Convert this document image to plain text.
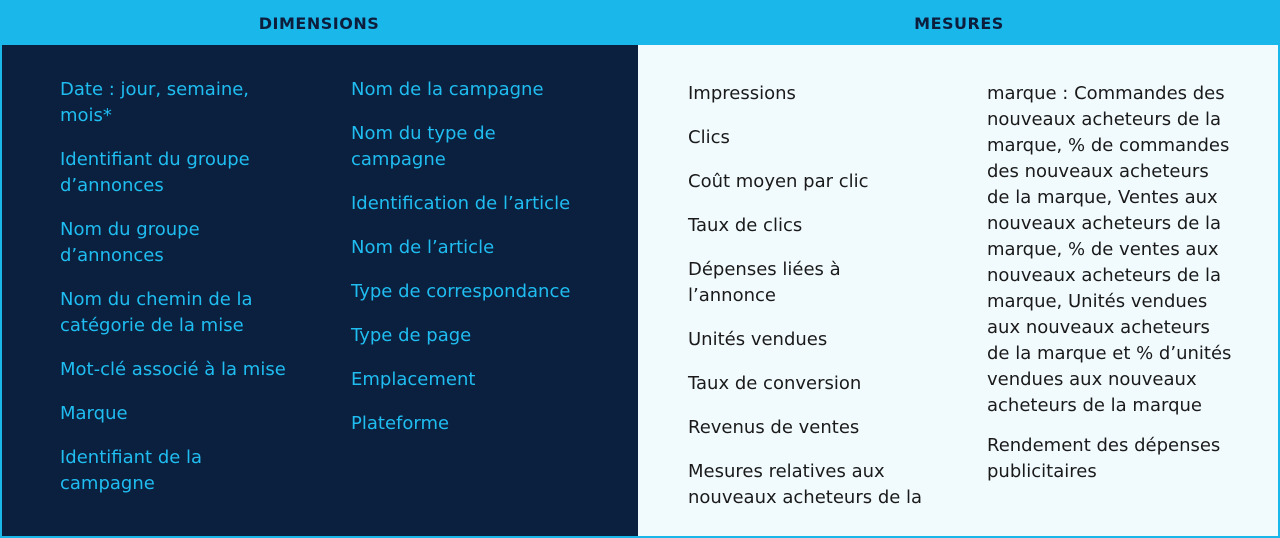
DIMENSIONS	MESURES
Date : jour, semaine, mois*
Identifiant du groupe d’annonces
Nom du groupe d’annonces
Nom du chemin de la catégorie de la mise
Mot-clé associé à la mise
Marque
Identifiant de la campagne
Nom de la campagne
Nom du type de campagne
Identification de l’article
Nom de l’article
Type de correspondance
Type de page
Emplacement
Plateforme
Impressions
Clics
Coût moyen par clic
Taux de clics
Dépenses liées à l’annonce
Unités vendues
Taux de conversion
Revenus de ventes
Mesures relatives aux nouveaux acheteurs de la
marque : Commandes des nouveaux acheteurs de la marque, % de commandes des nouveaux acheteurs de la marque, Ventes aux nouveaux acheteurs de la marque, % de ventes aux nouveaux acheteurs de la marque, Unités vendues aux nouveaux acheteurs de la marque et % d’unités vendues aux nouveaux acheteurs de la marque
Rendement des dépenses publicitaires
